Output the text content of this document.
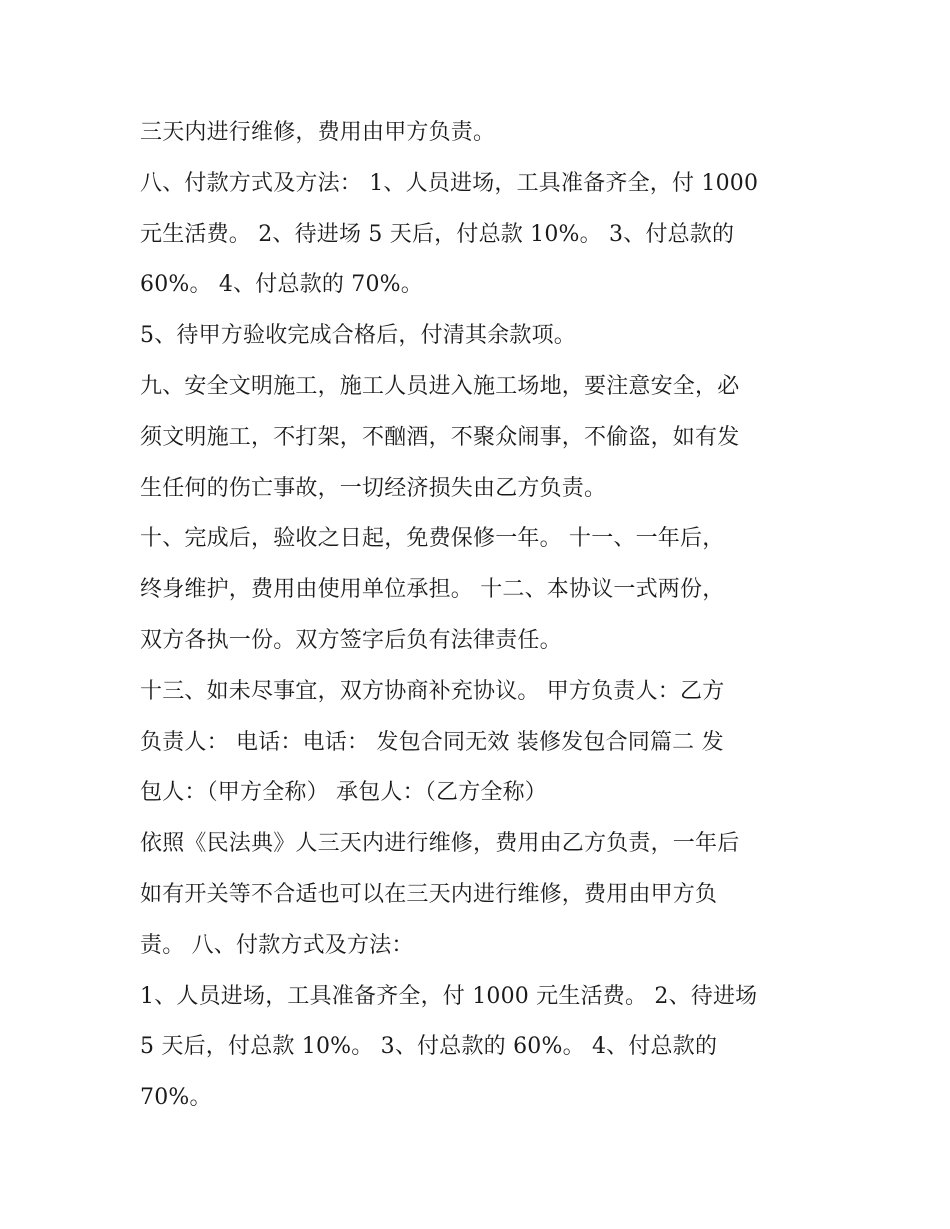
三天内进行维修，费用由甲方负责。
八、付款方式及方法： 1、人员进场，工具准备齐全，付 1000
元生活费。 2、待进场 5 天后，付总款 10%。 3、付总款的
60%。 4、付总款的 70%。
5、待甲方验收完成合格后，付清其余款项。
九、安全文明施工，施工人员进入施工场地，要注意安全，必
须文明施工，不打架，不酗酒，不聚众闹事，不偷盗，如有发
生任何的伤亡事故，一切经济损失由乙方负责。
十、完成后，验收之日起，免费保修一年。 十一、一年后，
终身维护，费用由使用单位承担。 十二、本协议一式两份，
双方各执一份。双方签字后负有法律责任。
十三、如未尽事宜，双方协商补充协议。 甲方负责人：乙方
负责人： 电话：电话： 发包合同无效 装修发包合同篇二 发
包人：（甲方全称） 承包人：（乙方全称）
依照《民法典》人三天内进行维修，费用由乙方负责，一年后
如有开关等不合适也可以在三天内进行维修，费用由甲方负
责。 八、付款方式及方法：
1、人员进场，工具准备齐全，付 1000 元生活费。 2、待进场
5 天后，付总款 10%。 3、付总款的 60%。 4、付总款的
70%。
